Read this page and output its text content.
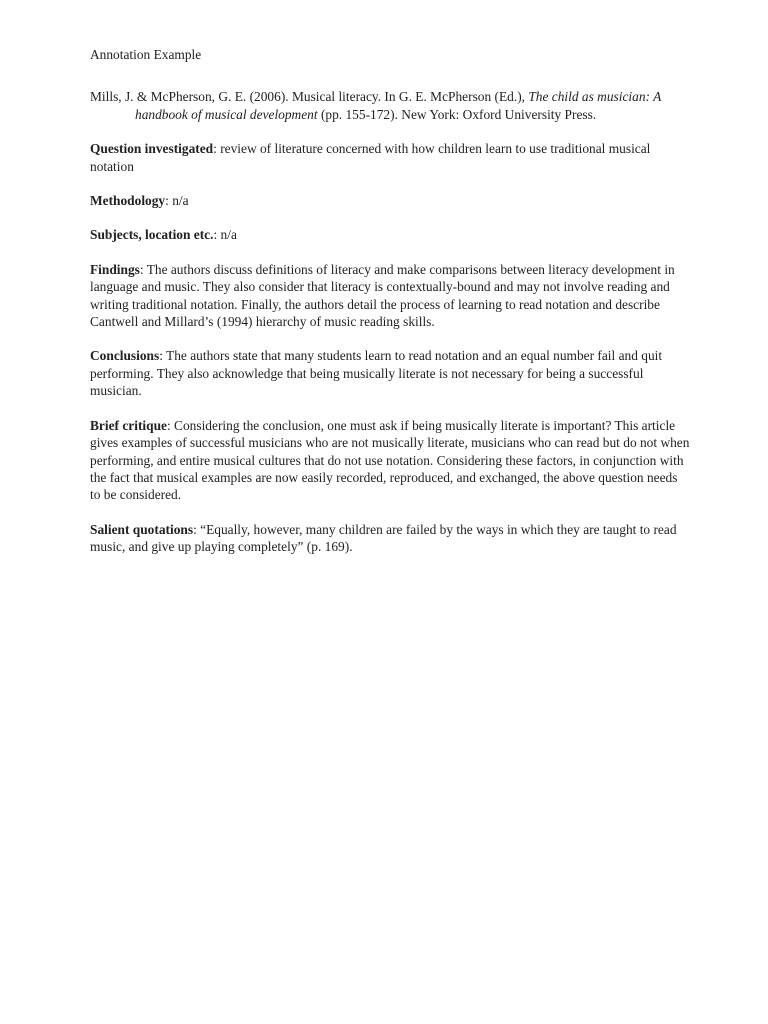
Annotation Example

Mills, J. & McPherson, G. E. (2006). Musical literacy. In G. E. McPherson (Ed.), The child as musician: A handbook of musical development (pp. 155-172). New York: Oxford University Press.

Question investigated: review of literature concerned with how children learn to use traditional musical notation

Methodology: n/a

Subjects, location etc.: n/a

Findings: The authors discuss definitions of literacy and make comparisons between literacy development in language and music. They also consider that literacy is contextually-bound and may not involve reading and writing traditional notation. Finally, the authors detail the process of learning to read notation and describe Cantwell and Millard’s (1994) hierarchy of music reading skills.

Conclusions: The authors state that many students learn to read notation and an equal number fail and quit performing. They also acknowledge that being musically literate is not necessary for being a successful musician.

Brief critique: Considering the conclusion, one must ask if being musically literate is important? This article gives examples of successful musicians who are not musically literate, musicians who can read but do not when performing, and entire musical cultures that do not use notation. Considering these factors, in conjunction with the fact that musical examples are now easily recorded, reproduced, and exchanged, the above question needs to be considered.

Salient quotations: “Equally, however, many children are failed by the ways in which they are taught to read music, and give up playing completely” (p. 169).
